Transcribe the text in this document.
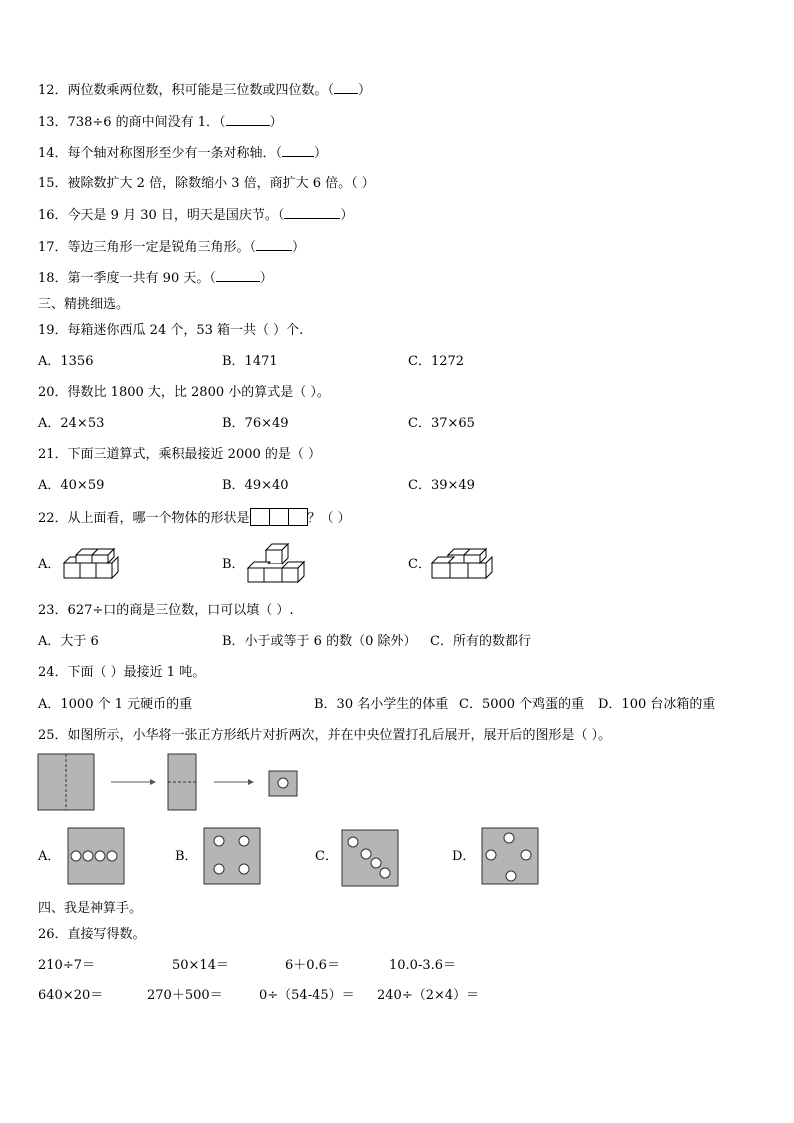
12．两位数乘两位数，积可能是三位数或四位数。（ ）
13．738÷6 的商中间没有 1．（	）
14．每个轴对称图形至少有一条对称轴．（ ）
15．被除数扩大 2 倍，除数缩小 3 倍，商扩大 6 倍。（ ）
16．今天是 9 月 30 日，明天是国庆节。（	）
17．等边三角形一定是锐角三角形。（	）
18．第一季度一共有 90 天。（	）
三、精挑细选。
19．每箱迷你西瓜 24 个，53 箱一共（ ）个.
A．1356	B．1471	C．1272
20．得数比 1800 大，比 2800 小的算式是（ ）。
A．24×53	B．76×49	C．37×65
21．下面三道算式，乘积最接近 2000 的是（ ）
A．40×59	B．49×40	C．39×49
22．从上面看，哪一个物体的形状是	？（ ）
A．	B．	C．
23．627÷口的商是三位数，口可以填（ ）.
A．大于 6	B．小于或等于 6 的数（0 除外） C．所有的数都行
24．下面（ ）最接近 1 吨。
A．1000 个 1 元硬币的重	B．30 名小学生的体重 C．5000 个鸡蛋的重 D．100 台冰箱的重
25．如图所示，小华将一张正方形纸片对折两次，并在中央位置打孔后展开，展开后的图形是（ ）。
A．	B．	C．	D．
四、我是神算手。
26．直接写得数。
210÷7＝	50×14＝	6＋0.6＝	10.0-3.6＝
640×20＝	270＋500＝	0÷（54-45）＝ 240÷（2×4）＝
